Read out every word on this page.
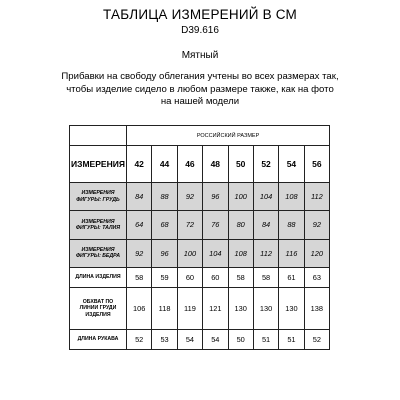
ТАБЛИЦА ИЗМЕРЕНИЙ В СМ
D39.616
Мятный
Прибавки на свободу облегания учтены во всех размерах так,
чтобы изделие сидело в любом размере также, как на фото
на нашей модели
	РОССИЙСКИЙ РАЗМЕР							
ИЗМЕРЕНИЯ	42	44	46	48	50	52	54	56

ИЗМЕРЕНИЯ
ФИГУРЫ: ГРУДЬ	84	88	92	96	100	104	108	112

ИЗМЕРЕНИЯ
ФИГУРЫ: ТАЛИЯ	64	68	72	76	80	84	88	92

ИЗМЕРЕНИЯ
ФИГУРЫ: БЕДРА	92	96	100	104	108	112	116	120

ДЛИНА ИЗДЕЛИЯ	58	59	60	60	58	58	61	63

ОБХВАТ ПО
ЛИНИИ ГРУДИ
ИЗДЕЛИЯ	106	118	119	121	130	130	130	138

ДЛИНА РУКАВА	52	53	54	54	50	51	51	52
